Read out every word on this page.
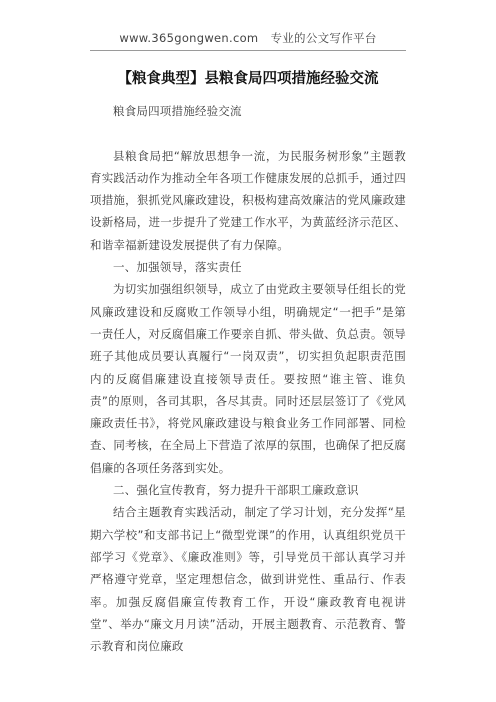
www.365gongwen.com 专业的公文写作平台
【粮食典型】县粮食局四项措施经验交流

粮食局四项措施经验交流

县粮食局把“解放思想争一流，为民服务树形象”主题教育实践活动作为推动全年各项工作健康发展的总抓手，通过四项措施，狠抓党风廉政建设，积极构建高效廉洁的党风廉政建设新格局，进一步提升了党建工作水平，为黄蓝经济示范区、和谐幸福新建设发展提供了有力保障。

一、加强领导，落实责任

为切实加强组织领导，成立了由党政主要领导任组长的党风廉政建设和反腐败工作领导小组，明确规定“一把手”是第一责任人，对反腐倡廉工作要亲自抓、带头做、负总责。领导班子其他成员要认真履行“一岗双责”，切实担负起职责范围内的反腐倡廉建设直接领导责任。要按照“谁主管、谁负责”的原则，各司其职，各尽其责。同时还层层签订了《党风廉政责任书》，将党风廉政建设与粮食业务工作同部署、同检查、同考核，在全局上下营造了浓厚的氛围，也确保了把反腐倡廉的各项任务落到实处。

二、强化宣传教育，努力提升干部职工廉政意识

结合主题教育实践活动，制定了学习计划，充分发挥“星期六学校”和支部书记上“微型党课”的作用，认真组织党员干部学习《党章》、《廉政准则》等，引导党员干部认真学习并严格遵守党章，坚定理想信念，做到讲党性、重品行、作表率。加强反腐倡廉宣传教育工作，开设“廉政教育电视讲堂”、举办“廉文月月读”活动，开展主题教育、示范教育、警示教育和岗位廉政
